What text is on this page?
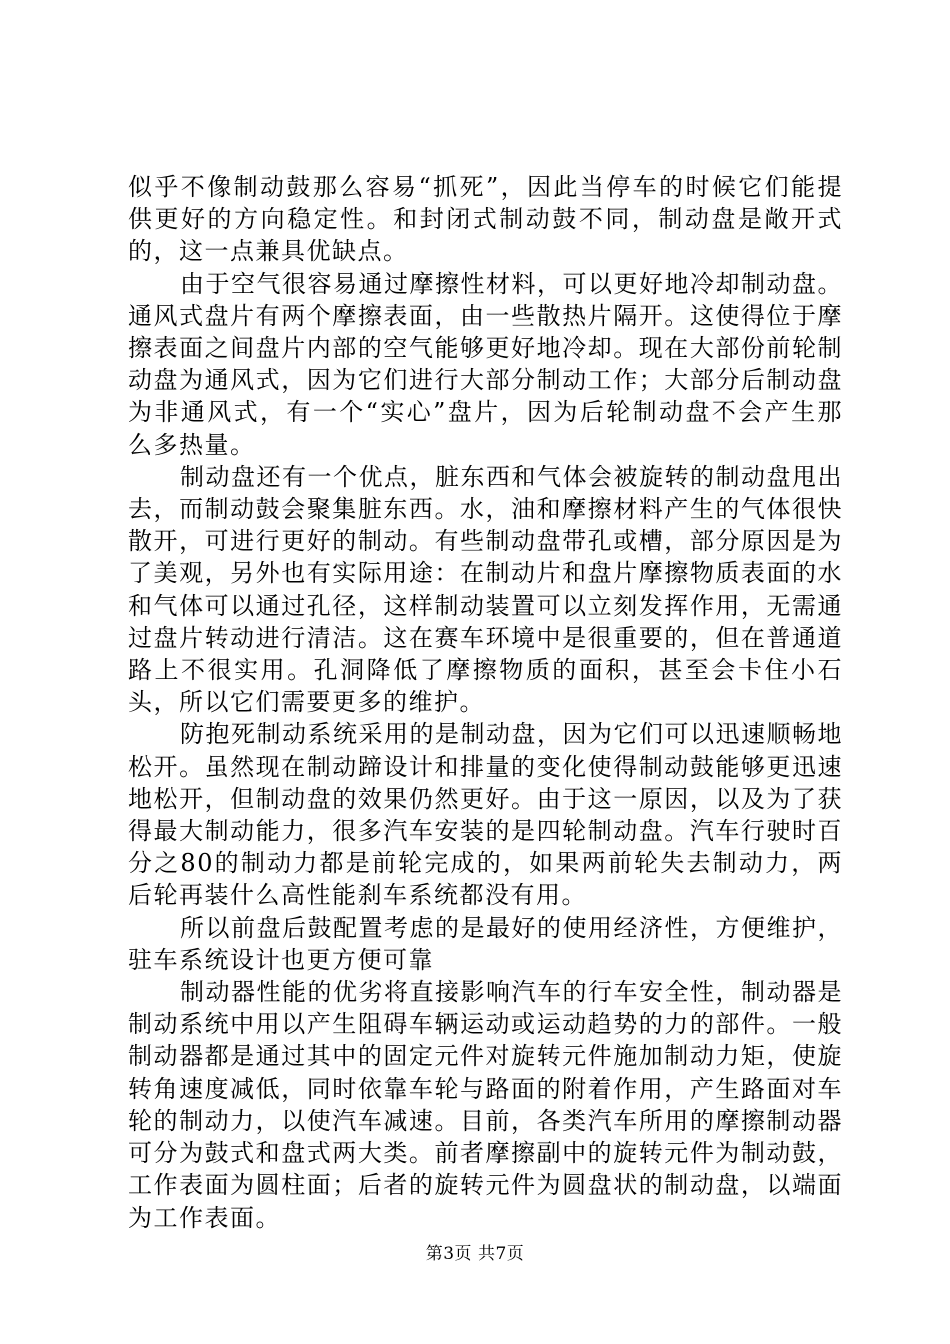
似乎不像制动鼓那么容易“抓死”，因此当停车的时候它们能提供更好的方向稳定性。和封闭式制动鼓不同，制动盘是敞开式的，这一点兼具优缺点。

由于空气很容易通过摩擦性材料，可以更好地冷却制动盘。通风式盘片有两个摩擦表面，由一些散热片隔开。这使得位于摩擦表面之间盘片内部的空气能够更好地冷却。现在大部份前轮制动盘为通风式，因为它们进行大部分制动工作；大部分后制动盘为非通风式，有一个“实心”盘片，因为后轮制动盘不会产生那么多热量。

制动盘还有一个优点，脏东西和气体会被旋转的制动盘甩出去，而制动鼓会聚集脏东西。水，油和摩擦材料产生的气体很快散开，可进行更好的制动。有些制动盘带孔或槽，部分原因是为了美观，另外也有实际用途：在制动片和盘片摩擦物质表面的水和气体可以通过孔径，这样制动装置可以立刻发挥作用，无需通过盘片转动进行清洁。这在赛车环境中是很重要的，但在普通道路上不很实用。孔洞降低了摩擦物质的面积，甚至会卡住小石头，所以它们需要更多的维护。

防抱死制动系统采用的是制动盘，因为它们可以迅速顺畅地松开。虽然现在制动蹄设计和排量的变化使得制动鼓能够更迅速地松开，但制动盘的效果仍然更好。由于这一原因，以及为了获得最大制动能力，很多汽车安装的是四轮制动盘。汽车行驶时百分之80的制动力都是前轮完成的，如果两前轮失去制动力，两后轮再装什么高性能刹车系统都没有用。

所以前盘后鼓配置考虑的是最好的使用经济性，方便维护，驻车系统设计也更方便可靠

制动器性能的优劣将直接影响汽车的行车安全性，制动器是制动系统中用以产生阻碍车辆运动或运动趋势的力的部件。一般制动器都是通过其中的固定元件对旋转元件施加制动力矩，使旋转角速度减低，同时依靠车轮与路面的附着作用，产生路面对车轮的制动力，以使汽车减速。目前，各类汽车所用的摩擦制动器可分为鼓式和盘式两大类。前者摩擦副中的旋转元件为制动鼓，工作表面为圆柱面；后者的旋转元件为圆盘状的制动盘，以端面为工作表面。

第3页 共7页
